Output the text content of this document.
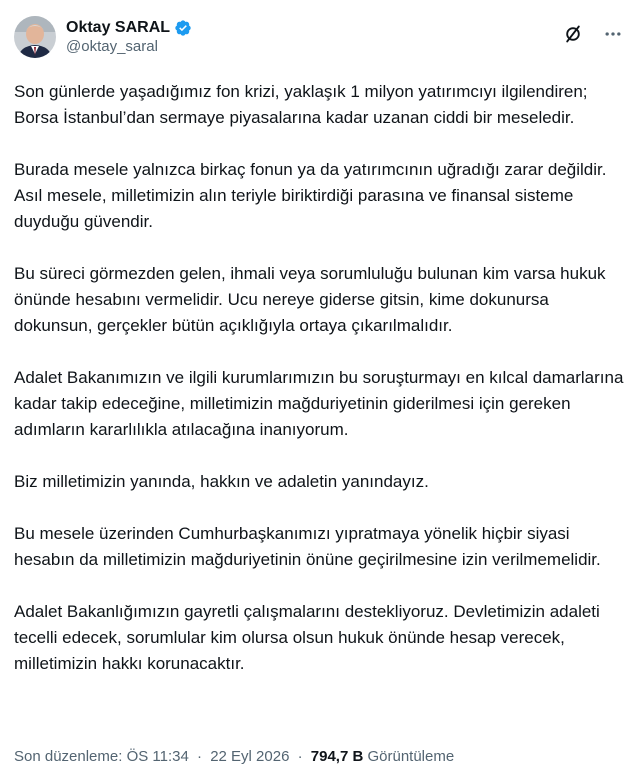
Oktay SARAL
@oktay_saral

Son günlerde yaşadığımız fon krizi, yaklaşık 1 milyon yatırımcıyı ilgilendiren; Borsa İstanbul’dan sermaye piyasalarına kadar uzanan ciddi bir meseledir.

Burada mesele yalnızca birkaç fonun ya da yatırımcının uğradığı zarar değildir. Asıl mesele, milletimizin alın teriyle biriktirdiği parasına ve finansal sisteme duyduğu güvendir.

Bu süreci görmezden gelen, ihmali veya sorumluluğu bulunan kim varsa hukuk önünde hesabını vermelidir. Ucu nereye giderse gitsin, kime dokunursa dokunsun, gerçekler bütün açıklığıyla ortaya çıkarılmalıdır.

Adalet Bakanımızın ve ilgili kurumlarımızın bu soruşturmayı en kılcal damarlarına kadar takip edeceğine, milletimizin mağduriyetinin giderilmesi için gereken adımların kararlılıkla atılacağına inanıyorum.

Biz milletimizin yanında, hakkın ve adaletin yanındayız.

Bu mesele üzerinden Cumhurbaşkanımızı yıpratmaya yönelik hiçbir siyasi hesabın da milletimizin mağduriyetinin önüne geçirilmesine izin verilmemelidir.

Adalet Bakanlığımızın gayretli çalışmalarını destekliyoruz. Devletimizin adaleti tecelli edecek, sorumlular kim olursa olsun hukuk önünde hesap verecek, milletimizin hakkı korunacaktır.

Son düzenleme: ÖS 11:34 · 22 Eyl 2026 · 794,7 B Görüntüleme
